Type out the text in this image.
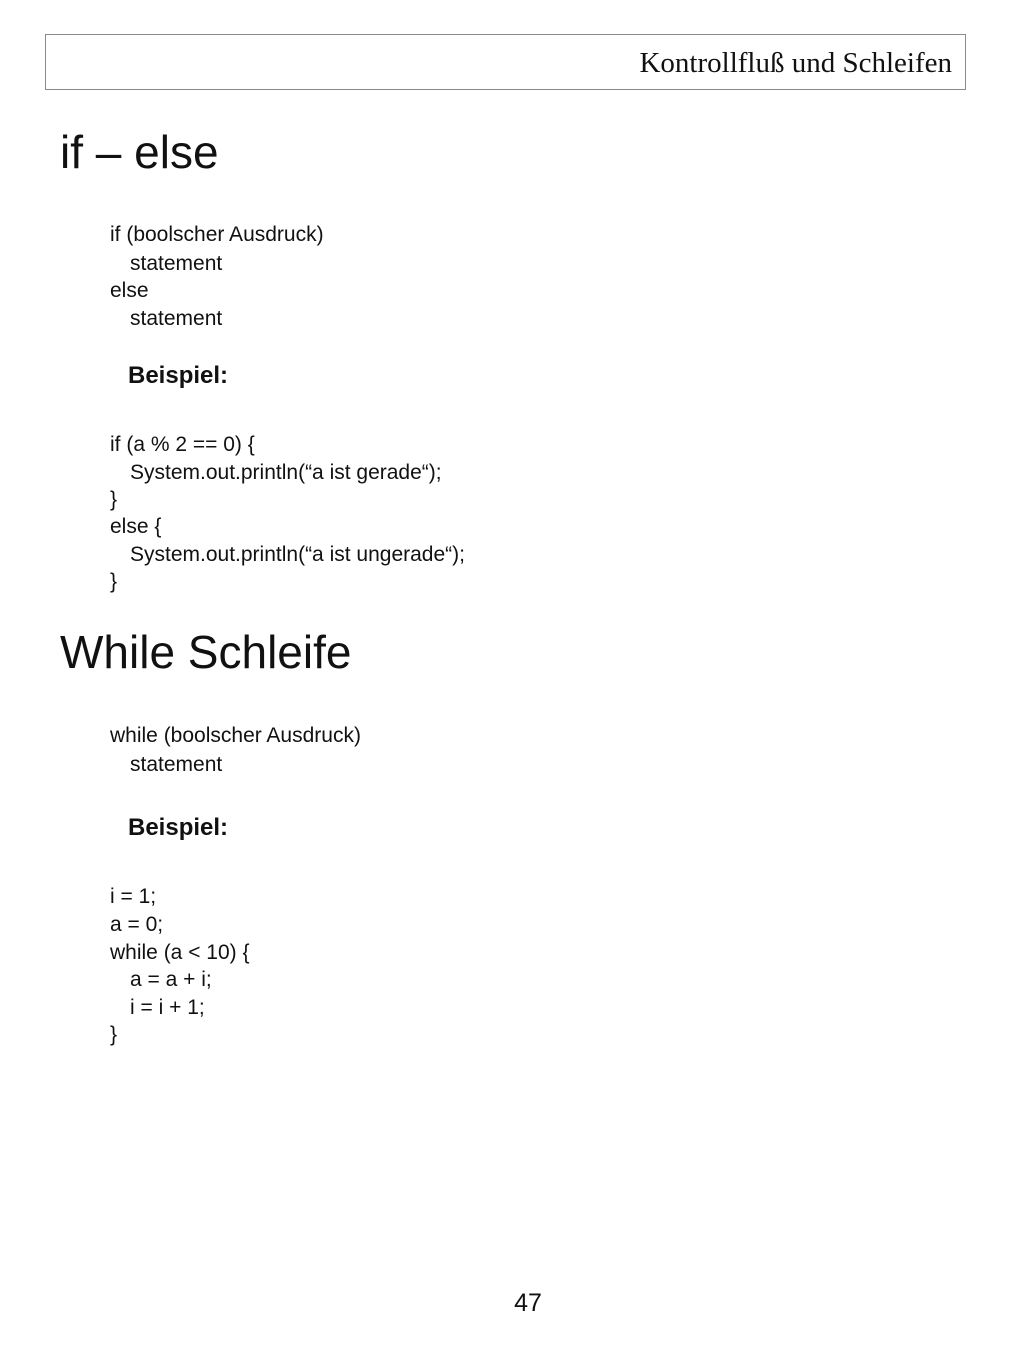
Kontrollfluß und Schleifen
if – else
if (boolscher Ausdruck)
statement
else
statement
Beispiel:
if (a % 2 == 0) {
System.out.println(“a ist gerade“);
}
else {
System.out.println(“a ist ungerade“);
}
While Schleife
while (boolscher Ausdruck)
statement
Beispiel:
i = 1;
a = 0;
while (a < 10) {
a = a + i;
i = i + 1;
}
47
